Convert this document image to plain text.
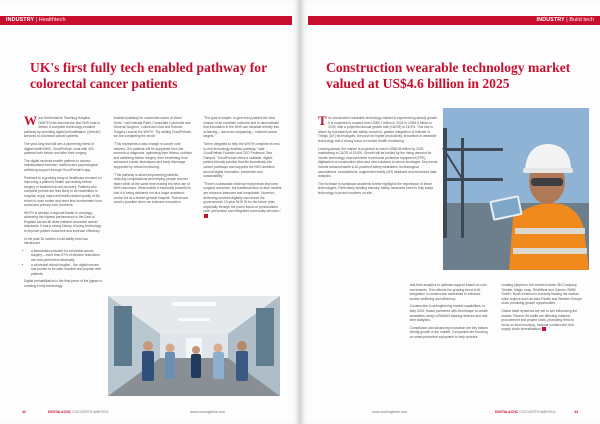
INDUSTRY | Healthtech
UK's first fully tech enabled pathway for colorectal cancer patients

West Hertfordshire Teaching Hospital (WHTH) has become the first NHS trust to deliver a complete technology-enabled pathway by providing digital prehabilitation ('prehab') services to colorectal cancer patients.

The year-long trial will see a pioneering blend of digital health BWC, GoodPrehab, work with 300 patients both before and after their surgery.

The digital services enable patients to access individualised exercise, nutrition and psychological wellbeing support through GoodPrehab's app.

Pertinent to a growing array of healthcare focused on improving a patient's health and activity before surgery or treatment to aid recovery. Patients who complete prehab are less likely to be readmitted to hospital, enjoy improved health-related quality of life, return to work earlier and need less involvement from social and primary care providers.

WHTH is already a regional leader in oncology, achieving the highest performance in the East of England across all three national colorectal cancer standards. It has a strong history of using technology to improve patient outcomes and increase efficiency.

In the past 18 months a half-ability trust has introduced:

• a telerobotics practice for colorectal cancer surgery – more than 97% of elective resections are now performed robotically
• a colorectal virtual hospital – the digital service has proven to be safe, feasible and popular with patients.

Digital prehabilitation is the final piece of the jigsaw in creating a fully technology-

enabled pathway for colorectal cancer at Ward Herts," said Vatsala Patel, Consultant Colorectal and General Surgeon, Colorectal Lead and Robotic Surgery Lead at the WHTH. "By adding GoodPrehab, we are completing the circle."

"This represents a step change in cancer care delivery. Our patients will be supported from the moment of diagnosis, optimising their fitness, nutrition and wellbeing before surgery, then benefitting from advanced robotic techniques and early discharge supported by virtual monitoring.

"This pathway is about empowering patients, reducing complications and helping people recover faster while at the same time making the best use of NHS resources. What makes it especially powerful is that it is being delivered not at a major academic centre but at a district general hospital. That shows what is possible when we embrace innovation.

"The goal is simple: to give every patient the best chance of an excellent outcome and to demonstrate that innovation in the NHS can translate directly into achieving – and even surpassing – national cancer targets."

"We're delighted to help the WHTH complete its end-to-end technology-enabled pathway," said GoodPrehab Founder and CEO Professor Tara Rampal. "GoodPrehab offers a scalable, digital, patient-friendly solution that fits seamlessly into cancer pathways and supports the NHS ambition around digital innovation, prevention and sustainability."

"There's substantial evidence that prehab improves surgical outcomes, but traditional face-to-face models are resource-intensive and inequitable. However, delivering services digitally can unlock the government's 10-year NHS 'fit for the future' plan, especially through the plan's focus on personalised care, prevention and integrated community services."

42	DIGITAL&CNC CXO NORTH AMERICA	www.cxoinsightme.com
INDUSTRY | Build tech
Construction wearable technology market valued at US$4.6 billion in 2025

The construction wearable technology market is experiencing steady growth. It is expected to expand from US$4.7 billion in 2024 to US$4.6 billion in 2025, with a projected annual growth rate (CAGR) of 16.9%. This rise is driven by increased job site safety concerns, greater integration of Internet of Things (IoT) technologies, the push for higher productivity, innovation in wearable technology and a strong focus on worker health monitoring.

Looking ahead, the market is projected to reach US$8.45 billion by 2029, maintaining a CAGR of 15.8%. Growth will be fuelled by the rising demand for robotic technology, improvements in personal protective equipment (PPE), digitisation of construction sites and new solutions to labour shortages. Key trends include advancements in AI-powered safety wearables, technological associations, exoskeletons, augmented reality (AR) headsets and enhanced data analytics.

The increase in workplace accidents further highlights the importance of these technologies. Particularly building industry, safety measures need to fully adopt technology to protect workers on site.

real-time analytics to optimise support based on user movements. This reflects the growing trend of AI integration in construction wearables to enhance worker wellbeing and efficiency.

Construction is strengthening market capabilities. In May 2024, Kwant partnered with AeroScape to create wearables using LoRaWAN tracking devices and real-time analytics.

Compliance and advancing innovation are key factors driving growth in the market. Companies are focusing on smart protective equipment to help workers.

Leading players in the market include 3M Company, Trimble, Magic Leap, RealWear and Garmin. BWM GmbH. North America is currently leading the market, while regions such as Asia-Pacific and Western Europe show promising growth opportunities.

Global trade dynamics are set to see influencing the market. Recent US tariffs are affecting material procurement and project costs, prompting firms to focus on local sourcing, modular construction and supply chain diversification.

www.cxoinsightme.com	DIGITAL&CNC CXO NORTH AMERICA	43
